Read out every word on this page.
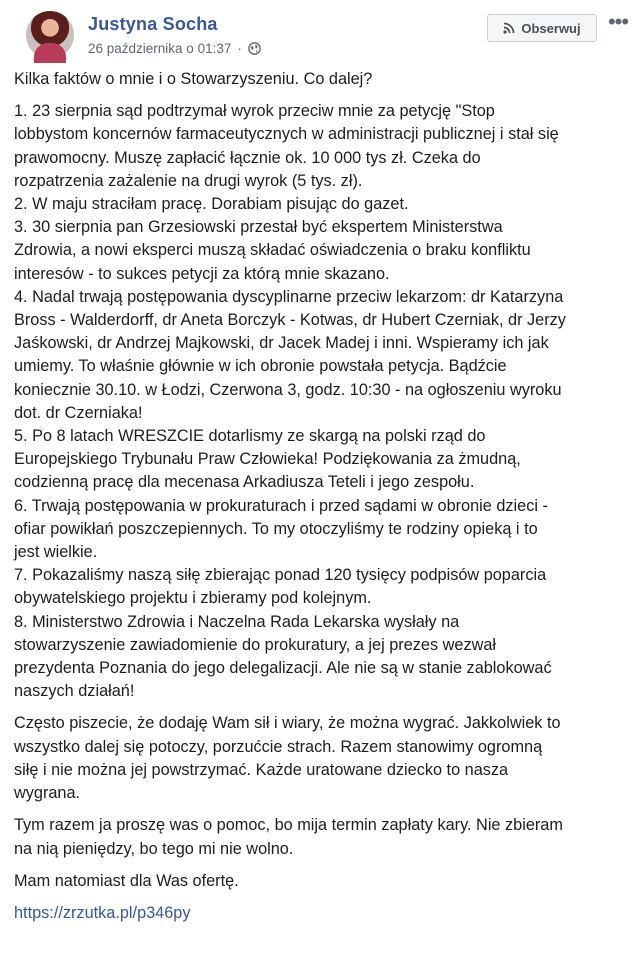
Justyna Socha
26 października o 01:37 ·
Obserwuj •••

Kilka faktów o mnie i o Stowarzyszeniu. Co dalej?

1. 23 sierpnia sąd podtrzymał wyrok przeciw mnie za petycję "Stop

lobbystom koncernów farmaceutycznych w administracji publicznej i stał się

prawomocny. Muszę zapłacić łącznie ok. 10 000 tys zł. Czeka do

rozpatrzenia zażalenie na drugi wyrok (5 tys. zł).

2. W maju straciłam pracę. Dorabiam pisując do gazet.

3. 30 sierpnia pan Grzesiowski przestał być ekspertem Ministerstwa

Zdrowia, a nowi eksperci muszą składać oświadczenia o braku konfliktu

interesów - to sukces petycji za którą mnie skazano.

4. Nadal trwają postępowania dyscyplinarne przeciw lekarzom: dr Katarzyna

Bross - Walderdorff, dr Aneta Borczyk - Kotwas, dr Hubert Czerniak, dr Jerzy

Jaśkowski, dr Andrzej Majkowski, dr Jacek Madej i inni. Wspieramy ich jak

umiemy. To właśnie głównie w ich obronie powstała petycja. Bądźcie

koniecznie 30.10. w Łodzi, Czerwona 3, godz. 10:30 - na ogłoszeniu wyroku

dot. dr Czerniaka!

5. Po 8 latach WRESZCIE dotarlismy ze skargą na polski rząd do

Europejskiego Trybunału Praw Człowieka! Podziękowania za żmudną,

codzienną pracę dla mecenasa Arkadiusza Teteli i jego zespołu.

6. Trwają postępowania w prokuraturach i przed sądami w obronie dzieci -

ofiar powikłań poszczepiennych. To my otoczyliśmy te rodziny opieką i to

jest wielkie.

7. Pokazaliśmy naszą siłę zbierając ponad 120 tysięcy podpisów poparcia

obywatelskiego projektu i zbieramy pod kolejnym.

8. Ministerstwo Zdrowia i Naczelna Rada Lekarska wysłały na

stowarzyszenie zawiadomienie do prokuratury, a jej prezes wezwał

prezydenta Poznania do jego delegalizacji. Ale nie są w stanie zablokować

naszych działań!

Często piszecie, że dodaję Wam sił i wiary, że można wygrać. Jakkolwiek to

wszystko dalej się potoczy, porzućcie strach. Razem stanowimy ogromną

siłę i nie można jej powstrzymać. Każde uratowane dziecko to nasza

wygrana.

Tym razem ja proszę was o pomoc, bo mija termin zapłaty kary. Nie zbieram

na nią pieniędzy, bo tego mi nie wolno.

Mam natomiast dla Was ofertę.

https://zrzutka.pl/p346py
